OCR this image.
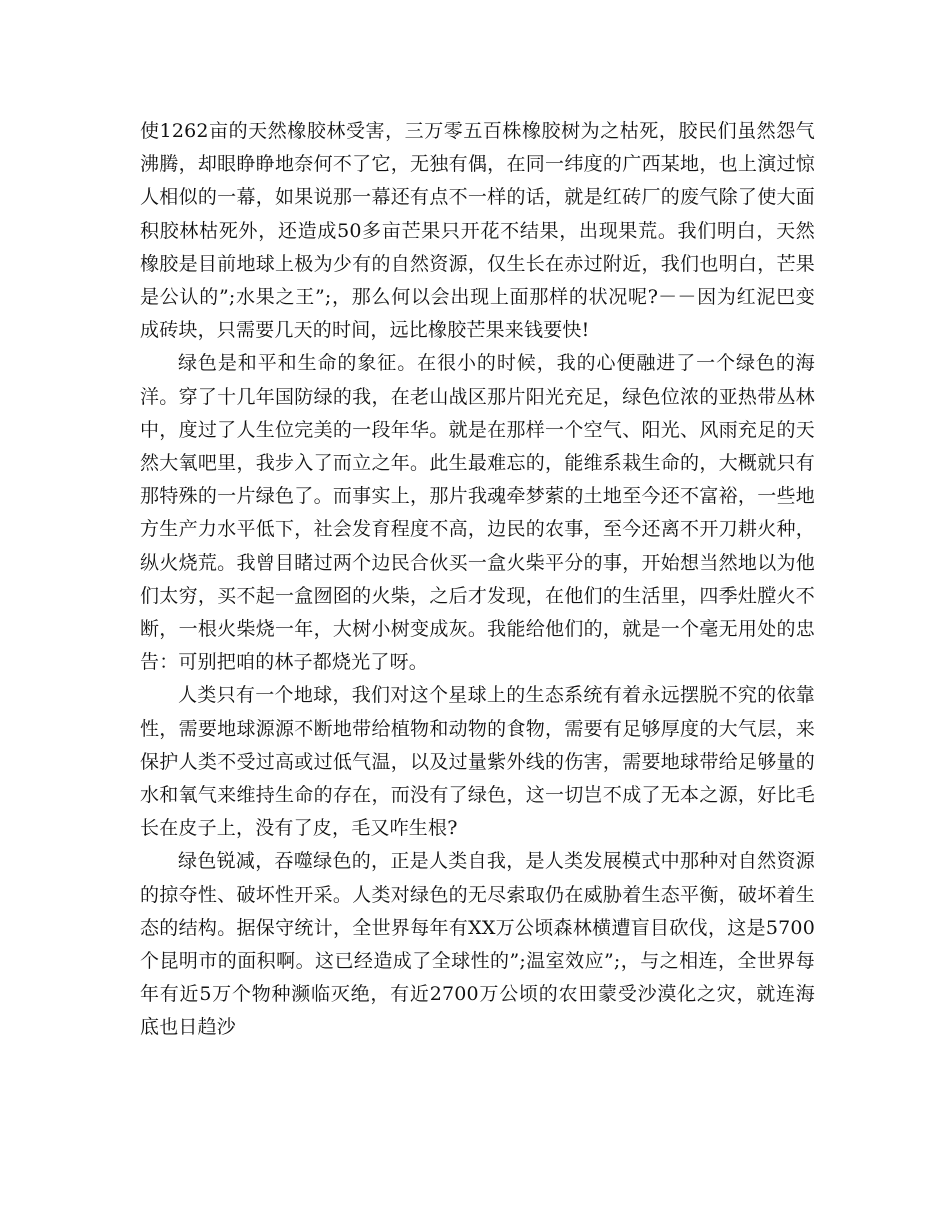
使1262亩的天然橡胶林受害，三万零五百株橡胶树为之枯死，胶民们虽然怨气沸腾，却眼睁睁地奈何不了它，无独有偶，在同一纬度的广西某地，也上演过惊人相似的一幕，如果说那一幕还有点不一样的话，就是红砖厂的废气除了使大面积胶林枯死外，还造成50多亩芒果只开花不结果，出现果荒。我们明白，天然橡胶是目前地球上极为少有的自然资源，仅生长在赤过附近，我们也明白，芒果是公认的”;水果之王”;，那么何以会出现上面那样的状况呢?－－因为红泥巴变成砖块，只需要几天的时间，远比橡胶芒果来钱要快!

绿色是和平和生命的象征。在很小的时候，我的心便融进了一个绿色的海洋。穿了十几年国防绿的我，在老山战区那片阳光充足，绿色位浓的亚热带丛林中，度过了人生位完美的一段年华。就是在那样一个空气、阳光、风雨充足的天然大氧吧里，我步入了而立之年。此生最难忘的，能维系栽生命的，大概就只有那特殊的一片绿色了。而事实上，那片我魂牵梦萦的土地至今还不富裕，一些地方生产力水平低下，社会发育程度不高，边民的农事，至今还离不开刀耕火种，纵火烧荒。我曾目睹过两个边民合伙买一盒火柴平分的事，开始想当然地以为他们太穷，买不起一盒囫囵的火柴，之后才发现，在他们的生活里，四季灶膛火不断，一根火柴烧一年，大树小树变成灰。我能给他们的，就是一个毫无用处的忠告：可别把咱的林子都烧光了呀。

人类只有一个地球，我们对这个星球上的生态系统有着永远摆脱不究的依靠性，需要地球源源不断地带给植物和动物的食物，需要有足够厚度的大气层，来保护人类不受过高或过低气温，以及过量紫外线的伤害，需要地球带给足够量的水和氧气来维持生命的存在，而没有了绿色，这一切岂不成了无本之源，好比毛长在皮子上，没有了皮，毛又咋生根?

绿色锐减，吞噬绿色的，正是人类自我，是人类发展模式中那种对自然资源的掠夺性、破坏性开采。人类对绿色的无尽索取仍在威胁着生态平衡，破坏着生态的结构。据保守统计，全世界每年有XX万公顷森林横遭盲目砍伐，这是5700个昆明市的面积啊。这已经造成了全球性的”;温室效应”;，与之相连，全世界每年有近5万个物种濒临灭绝，有近2700万公顷的农田蒙受沙漠化之灾，就连海底也日趋沙
